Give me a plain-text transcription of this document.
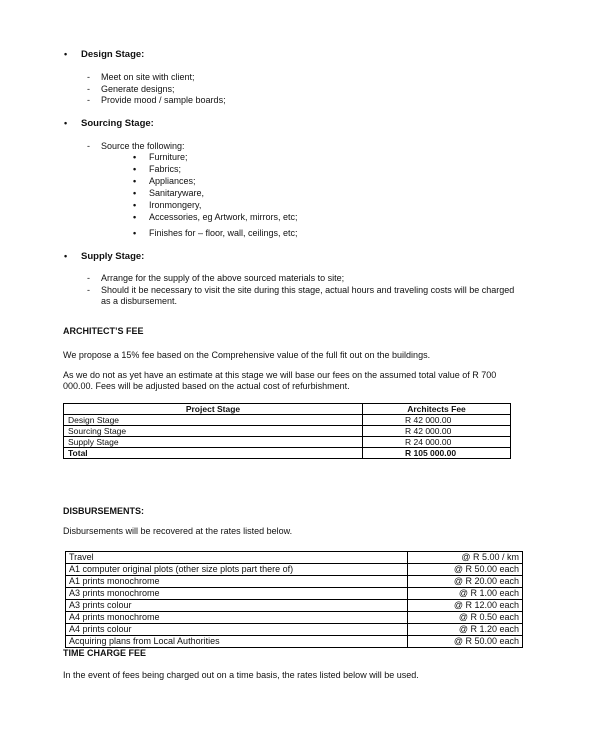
• Design Stage:
- Meet on site with client;
- Generate designs;
- Provide mood / sample boards;
• Sourcing Stage:
- Source the following:
• Furniture;
• Fabrics;
• Appliances;
• Sanitaryware,
• Ironmongery,
• Accessories, eg Artwork, mirrors, etc;
• Finishes for – floor, wall, ceilings, etc;
• Supply Stage:
- Arrange for the supply of the above sourced materials to site;
- Should it be necessary to visit the site during this stage, actual hours and traveling costs will be charged
as a disbursement.
ARCHITECT’S FEE
We propose a 15% fee based on the Comprehensive value of the full fit out on the buildings.
As we do not as yet have an estimate at this stage we will base our fees on the assumed total value of R 700
000.00. Fees will be adjusted based on the actual cost of refurbishment.
Project Stage	Architects Fee
Design Stage	R 42 000.00
Sourcing Stage	R 42 000.00
Supply Stage	R 24 000.00
Total	R 105 000.00
DISBURSEMENTS:
Disbursements will be recovered at the rates listed below.
Travel	@ R 5.00 / km
A1 computer original plots (other size plots part there of)	@ R 50.00 each
A1 prints monochrome	@ R 20.00 each
A3 prints monochrome	@ R 1.00 each
A3 prints colour	@ R 12.00 each
A4 prints monochrome	@ R 0.50 each
A4 prints colour	@ R 1.20 each
Acquiring plans from Local Authorities	@ R 50.00 each
TIME CHARGE FEE
In the event of fees being charged out on a time basis, the rates listed below will be used.
